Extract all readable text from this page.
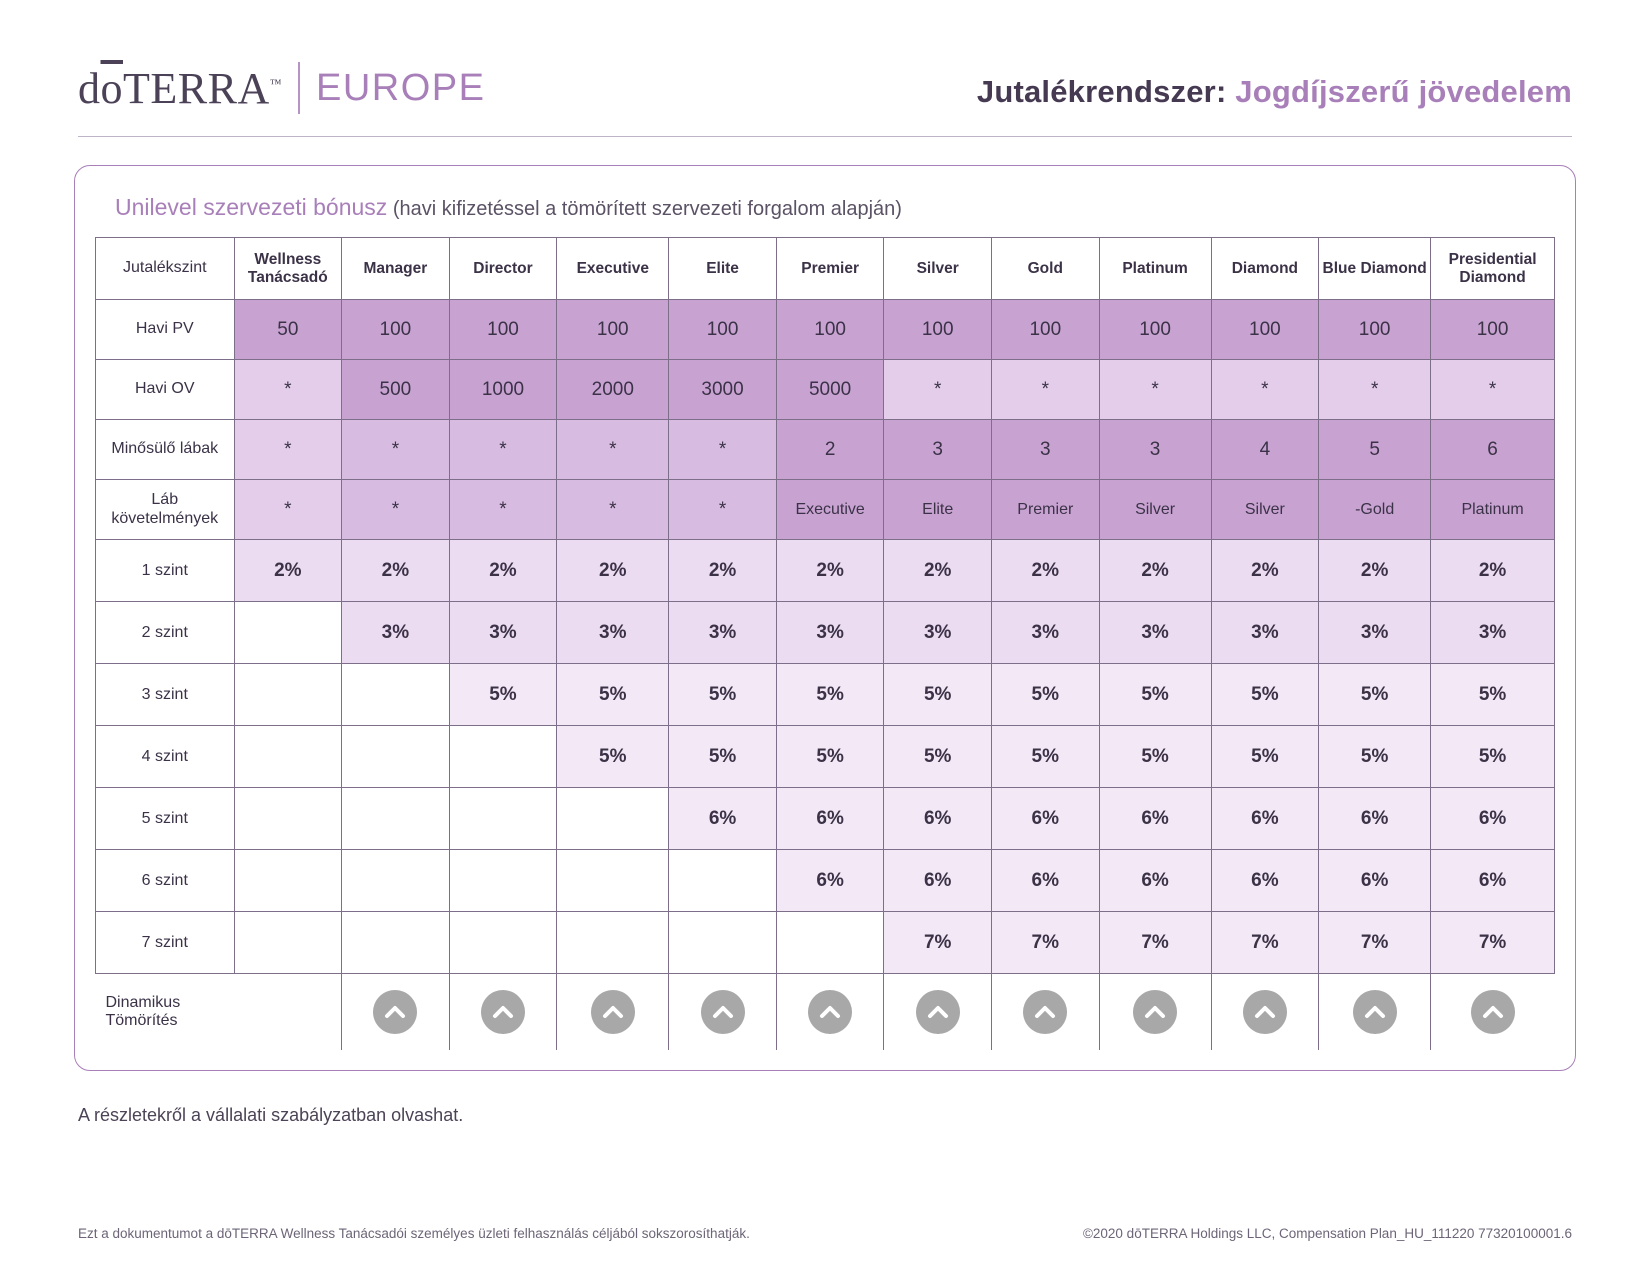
$d\overline{o}TERRA™$ EUROPE	Jutalékrendszer: Jogdíjszerű jövedelem
Unilevel szervezeti bónusz (havi kifizetéssel a tömörített szervezeti forgalom alapján)
Jutalékszint	Wellness Tanácsadó	Manager	Director	Executive	Elite	Premier	Silver	Gold	Platinum	Diamond	Blue Diamond	Presidential Diamond
Havi PV	50	100	100	100	100	100	100	100	100	100	100	100
Havi OV	*	500	1000	2000	3000	5000	*	*	*	*	*	*
Minősülő lábak	*	*	*	*	*	2	3	3	3	4	5	6
Láb követelmények	*	*	*	*	*	Executive	Elite	Premier	Silver	Silver	-Gold	Platinum
1 szint	2%	2%	2%	2%	2%	2%	2%	2%	2%	2%	2%	2%
2 szint		3%	3%	3%	3%	3%	3%	3%	3%	3%	3%	3%
3 szint			5%	5%	5%	5%	5%	5%	5%	5%	5%	5%
4 szint				5%	5%	5%	5%	5%	5%	5%	5%	5%
5 szint					6%	6%	6%	6%	6%	6%	6%	6%
6 szint						6%	6%	6%	6%	6%	6%	6%
7 szint							7%	7%	7%	7%	7%	7%
Dinamikus Tömörítés		

A részletekről a vállalati szabályzatban olvashat.
Ezt a dokumentumot a dōTERRA Wellness Tanácsadói személyes üzleti felhasználás céljából sokszorosíthatják.	©2020 dōTERRA Holdings LLC, Compensation Plan_HU_111220 77320100001.6
